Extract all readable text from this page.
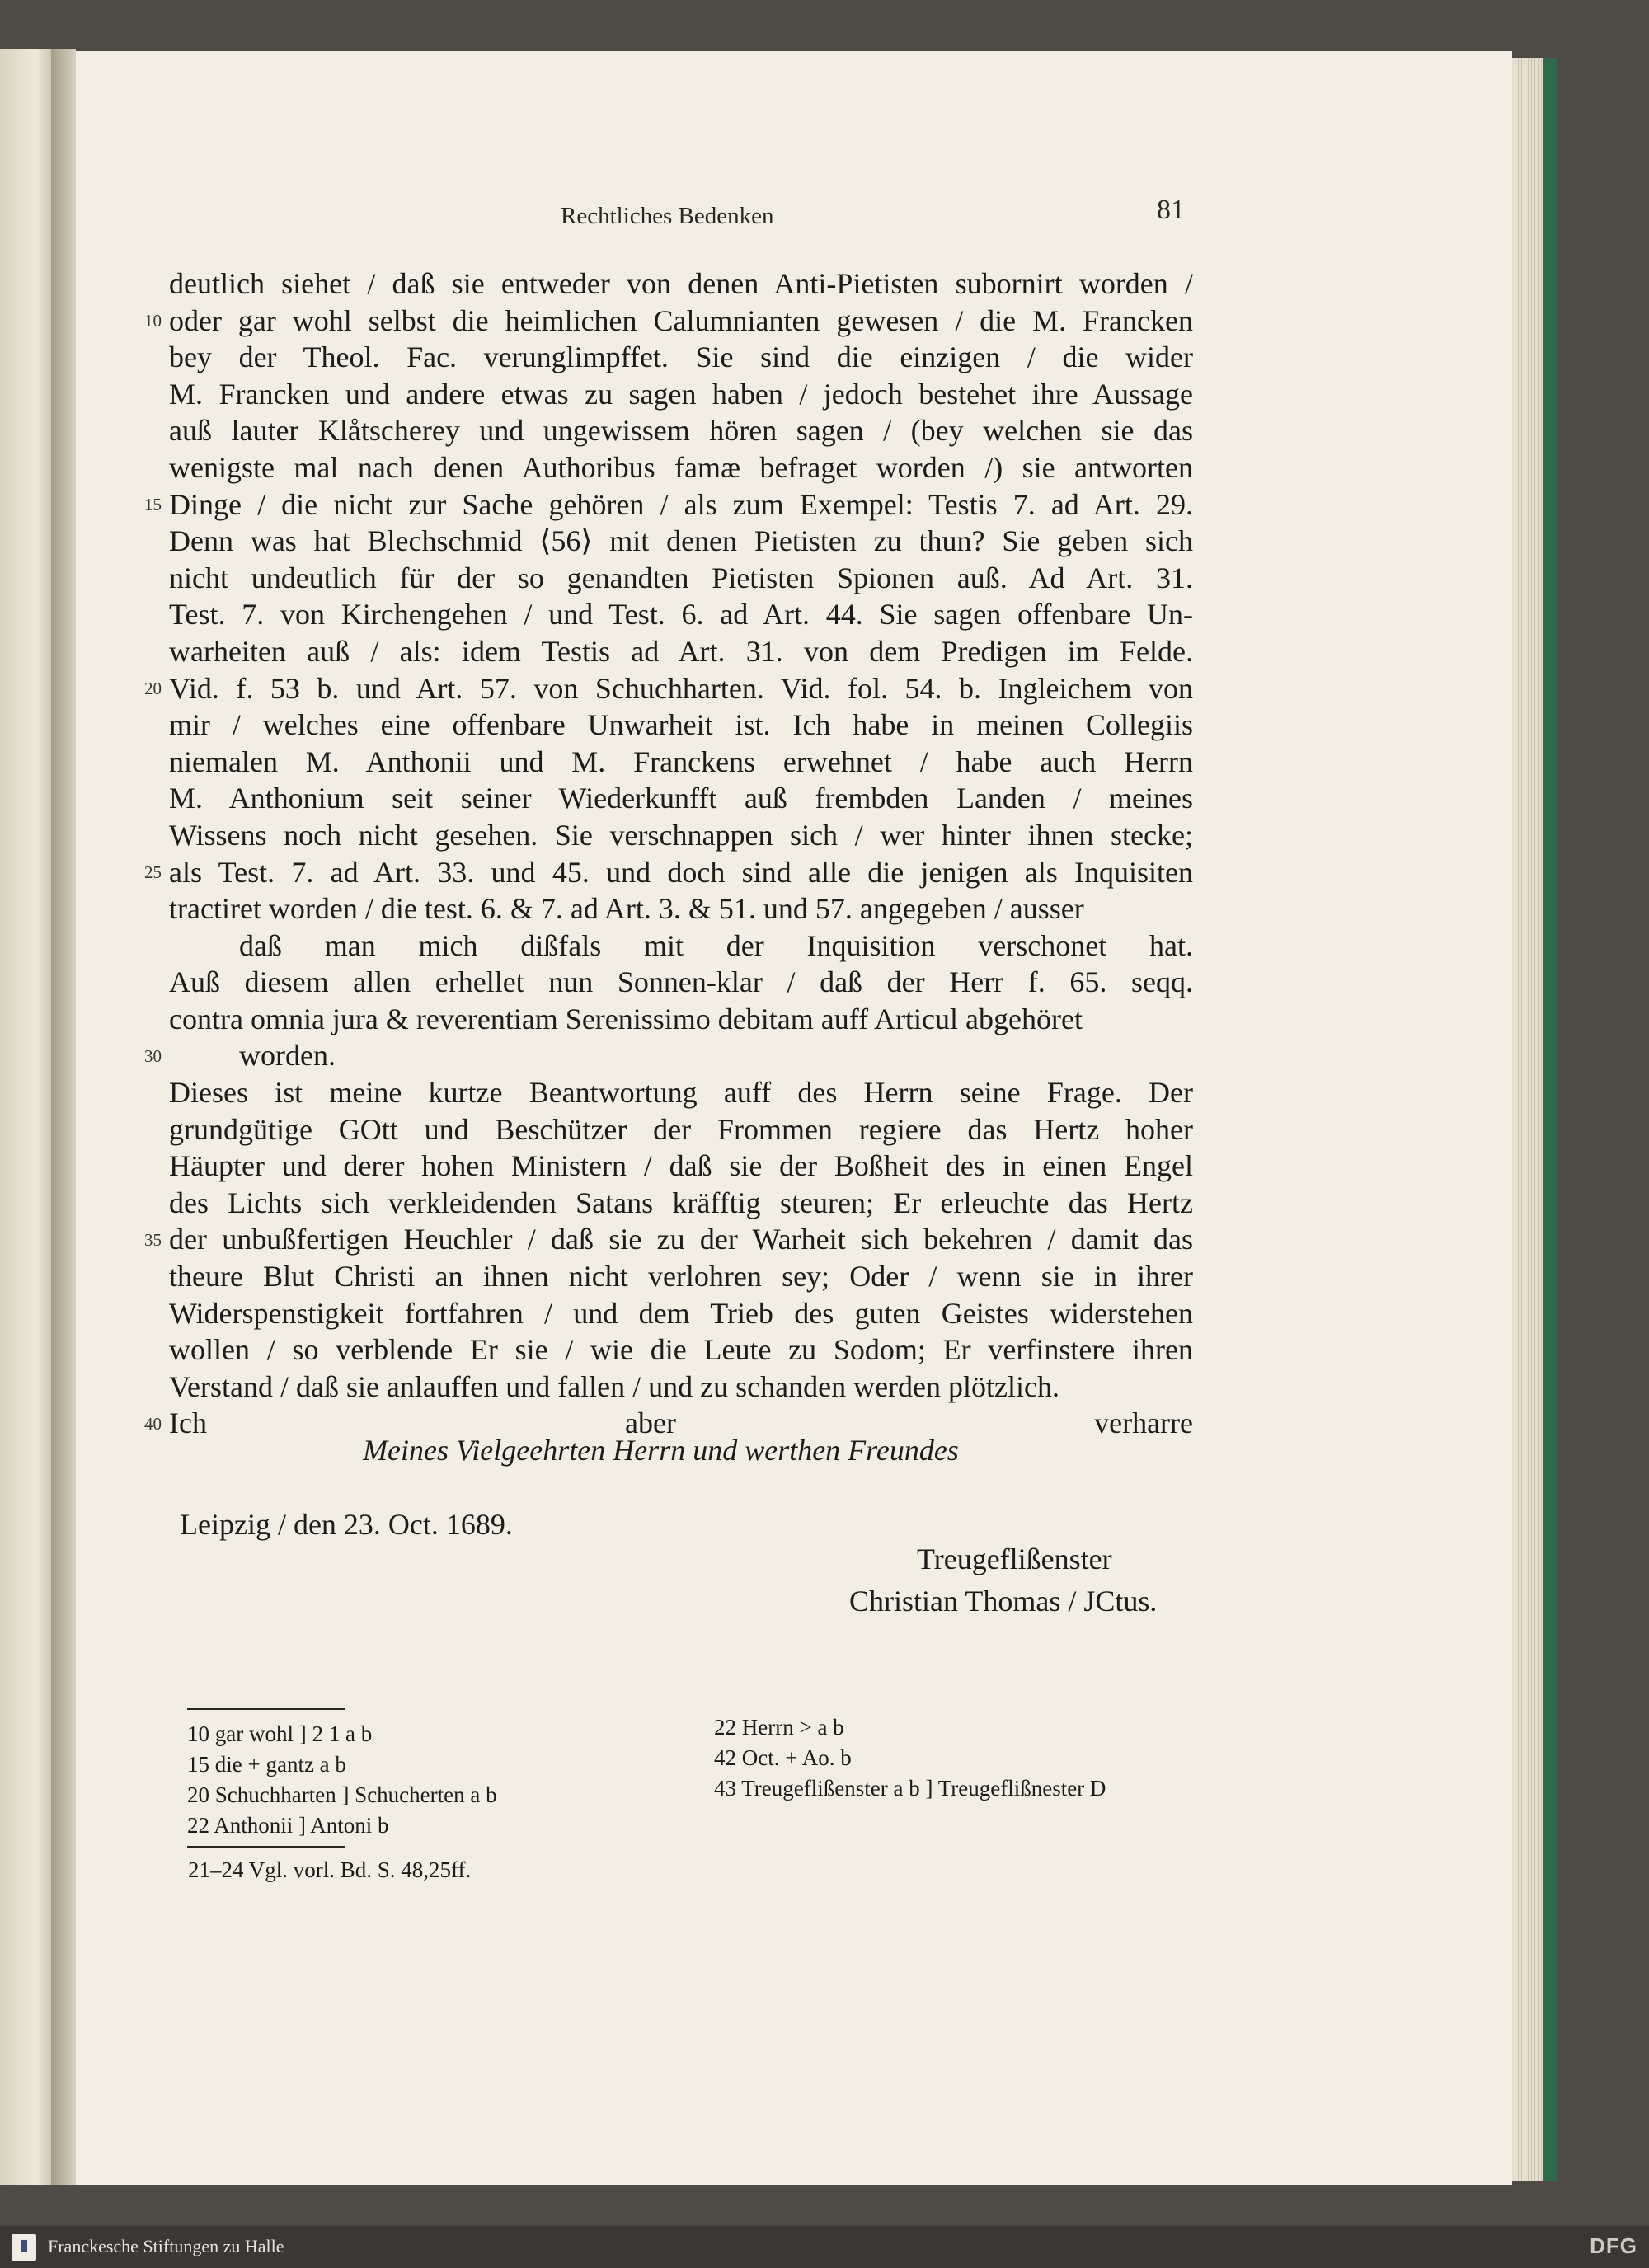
Rechtliches Bedenken	81
deutlich siehet / daß sie entweder von denen Anti-Pietisten subornirt worden /
oder gar wohl selbst die heimlichen Calumnianten gewesen / die M. Francken
10
bey der Theol. Fac. verunglimpffet. Sie sind die einzigen / die wider
M. Francken und andere etwas zu sagen haben / jedoch bestehet ihre Aussage
auß lauter Klåtscherey und ungewissem hören sagen / (bey welchen sie das
wenigste mal nach denen Authoribus famæ befraget worden /) sie antworten
Dinge / die nicht zur Sache gehören / als zum Exempel: Testis 7. ad Art. 29.
15
Denn was hat Blechschmid ⟨56⟩ mit denen Pietisten zu thun? Sie geben sich
nicht undeutlich für der so genandten Pietisten Spionen auß. Ad Art. 31.
Test. 7. von Kirchengehen / und Test. 6. ad Art. 44. Sie sagen offenbare Un-
warheiten auß / als: idem Testis ad Art. 31. von dem Predigen im Felde.
Vid. f. 53 b. und Art. 57. von Schuchharten. Vid. fol. 54. b. Ingleichem von
20
mir / welches eine offenbare Unwarheit ist. Ich habe in meinen Collegiis
niemalen M. Anthonii und M. Franckens erwehnet / habe auch Herrn
M. Anthonium seit seiner Wiederkunfft auß frembden Landen / meines
Wissens noch nicht gesehen. Sie verschnappen sich / wer hinter ihnen stecke;
als Test. 7. ad Art. 33. und 45. und doch sind alle die jenigen als Inquisiten
25
tractiret worden / die test. 6. & 7. ad Art. 3. & 51. und 57. angegeben / ausser
daß man mich dißfals mit der Inquisition verschonet hat.
Auß diesem allen erhellet nun Sonnen-klar / daß der Herr f. 65. seqq.
contra omnia jura & reverentiam Serenissimo debitam auff Articul abgehöret
worden.
30
Dieses ist meine kurtze Beantwortung auff des Herrn seine Frage. Der
grundgütige GOtt und Beschützer der Frommen regiere das Hertz hoher
Häupter und derer hohen Ministern / daß sie der Boßheit des in einen Engel
des Lichts sich verkleidenden Satans kräfftig steuren; Er erleuchte das Hertz
der unbußfertigen Heuchler / daß sie zu der Warheit sich bekehren / damit das
35
theure Blut Christi an ihnen nicht verlohren sey; Oder / wenn sie in ihrer
Widerspenstigkeit fortfahren / und dem Trieb des guten Geistes widerstehen
wollen / so verblende Er sie / wie die Leute zu Sodom; Er verfinstere ihren
Verstand / daß sie anlauffen und fallen / und zu schanden werden plötzlich.
Ich aber verharre
40
Meines Vielgeehrten Herrn und werthen Freundes
Leipzig / den 23. Oct. 1689.
Treugeflißenster
Christian Thomas / JCtus.
10 gar wohl ] 2 1 a b
15 die + gantz a b
20 Schuchharten ] Schucherten a b
22 Anthonii ] Antoni b
22 Herrn > a b
42 Oct. + Ao. b
43 Treugeflißenster a b ] Treugeflißnester D
21–24 Vgl. vorl. Bd. S. 48,25ff.
Franckesche Stiftungen zu Halle	DFG
